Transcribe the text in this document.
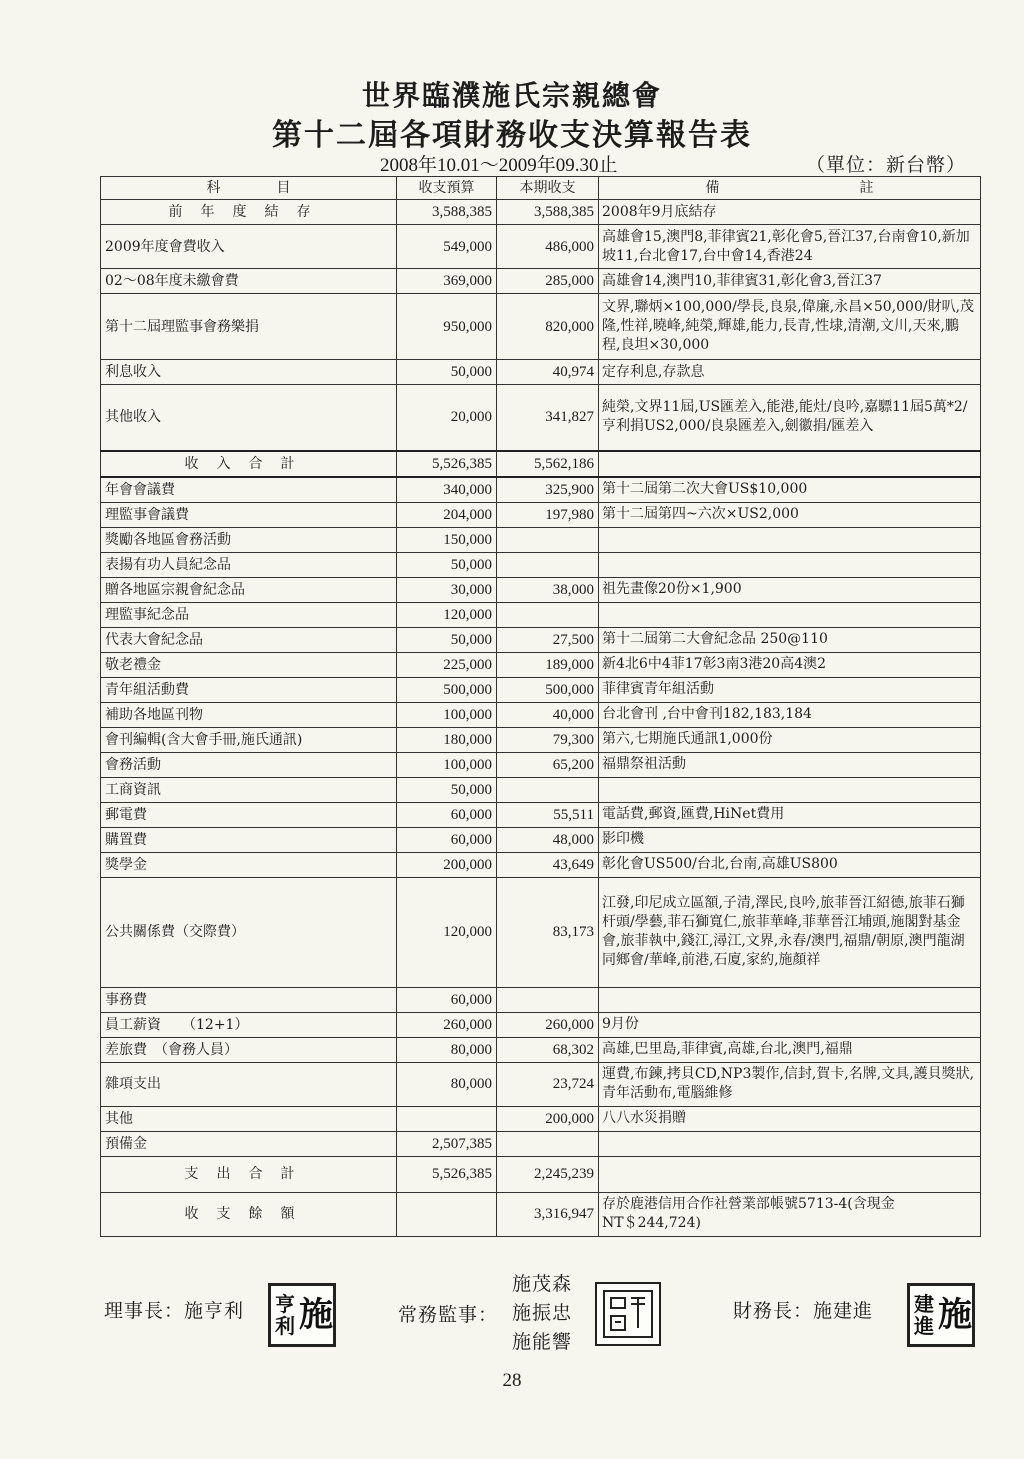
世界臨濮施氏宗親總會
第十二屆各項財務收支決算報告表
2008年10.01～2009年09.30止	（單位：新台幣）
科　　　　目	收支預算	本期收支	備　　　　　　　　　　註
前年度結存	3,588,385	3,588,385	2008年9月底結存
2009年度會費收入	549,000	486,000	高雄會15,澳門8,菲律賓21,彰化會5,晉江37,台南會10,新加坡11,台北會17,台中會14,香港24
02～08年度未繳會費	369,000	285,000	高雄會14,澳門10,菲律賓31,彰化會3,晉江37
第十二屆理監事會務樂捐	950,000	820,000	文界,聯炳×100,000/學長,良泉,偉廉,永昌×50,000/財叭,茂隆,性祥,曉峰,純榮,輝雄,能力,長青,性埭,清潮,文川,天來,鵬程,良坦×30,000
利息收入	50,000	40,974	定存利息,存款息
其他收入	20,000	341,827	純榮,文界11屆,US匯差入,能港,能灶/良吟,嘉驃11屆5萬*2/亨利捐US2,000/良泉匯差入,劍徽捐/匯差入
收入合計	5,526,385	5,562,186	
年會會議費	340,000	325,900	第十二屆第二次大會US$10,000
理監事會議費	204,000	197,980	第十二屆第四~六次×US2,000
獎勵各地區會務活動	150,000		
表揚有功人員紀念品	50,000		
贈各地區宗親會紀念品	30,000	38,000	祖先畫像20份×1,900
理監事紀念品	120,000		
代表大會紀念品	50,000	27,500	第十二屆第二大會紀念品 250@110
敬老禮金	225,000	189,000	新4北6中4菲17彰3南3港20高4澳2
青年組活動費	500,000	500,000	菲律賓青年組活動
補助各地區刊物	100,000	40,000	台北會刊 ,台中會刊182,183,184
會刊編輯(含大會手冊,施氏通訊)	180,000	79,300	第六,七期施氏通訊1,000份
會務活動	100,000	65,200	福鼎祭祖活動
工商資訊	50,000		
郵電費	60,000	55,511	電話費,郵資,匯費,HiNet費用
購置費	60,000	48,000	影印機
獎學金	200,000	43,649	彰化會US500/台北,台南,高雄US800
公共關係費（交際費）	120,000	83,173	江發,印尼成立區額,子清,澤民,良吟,旅菲晉江紹德,旅菲石獅杆頭/學藝,菲石獅寬仁,旅菲華峰,菲華晉江埔頭,施閣對基金會,旅菲執中,錢江,潯江,文界,永春/澳門,福鼎/朝原,澳門龍湖同鄉會/華峰,前港,石廈,家約,施顏祥
事務費	60,000		
員工薪資　　（12+1）	260,000	260,000	9月份
差旅費　（會務人員）	80,000	68,302	高雄,巴里島,菲律賓,高雄,台北,澳門,福鼎
雜項支出	80,000	23,724	運費,布鍊,拷貝CD,NP3製作,信封,賀卡,名牌,文具,護貝獎狀,青年活動布,電腦維修
其他		200,000	八八水災捐贈
預備金	2,507,385		
支出合計	5,526,385	2,245,239	
收支餘額		3,316,947	存於鹿港信用合作社營業部帳號5713-4(含現金NT＄244,724)
理事長：施亨利 亨 施
利	常務監事：
施茂森
施振忠
施能響
財務長：施建進 建 施
進
28
